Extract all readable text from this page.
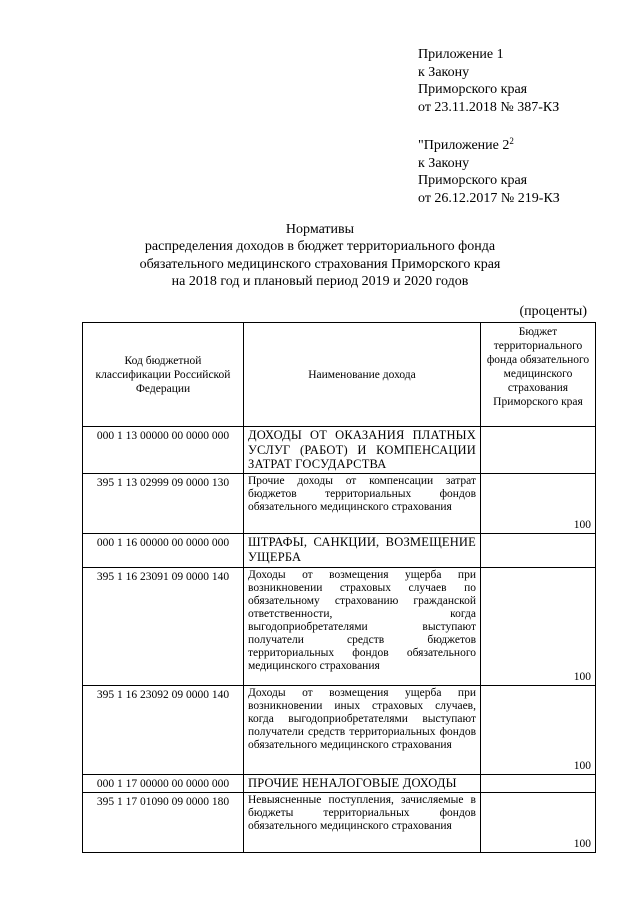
Приложение 1
к Закону
Приморского края
от 23.11.2018 № 387-КЗ
"Приложение $2^2$
к Закону
Приморского края
от 26.12.2017 № 219-КЗ
Нормативы
распределения доходов в бюджет территориального фонда
обязательного медицинского страхования Приморского края
на 2018 год и плановый период 2019 и 2020 годов
(проценты)
Код бюджетной классификации Российской Федерации	Наименование дохода	Бюджет территориального фонда обязательного медицинского страхования Приморского края
000 1 13 00000 00 0000 000	ДОХОДЫ ОТ ОКАЗАНИЯ ПЛАТНЫХ УСЛУГ (РАБОТ) И КОМПЕНСАЦИИ ЗАТРАТ ГОСУДАРСТВА	
395 1 13 02999 09 0000 130	Прочие доходы от компенсации затрат бюджетов территориальных фондов обязательного медицинского страхования	100
000 1 16 00000 00 0000 000	ШТРАФЫ, САНКЦИИ, ВОЗМЕЩЕНИЕ УЩЕРБА	
395 1 16 23091 09 0000 140	Доходы от возмещения ущерба при возникновении страховых случаев по обязательному страхованию гражданской ответственности, когда выгодоприобретателями выступают получатели средств бюджетов территориальных фондов обязательного медицинского страхования	100
395 1 16 23092 09 0000 140	Доходы от возмещения ущерба при возникновении иных страховых случаев, когда выгодоприобретателями выступают получатели средств территориальных фондов обязательного медицинского страхования	100
000 1 17 00000 00 0000 000	ПРОЧИЕ НЕНАЛОГОВЫЕ ДОХОДЫ	
395 1 17 01090 09 0000 180	Невыясненные поступления, зачисляемые в бюджеты территориальных фондов обязательного медицинского страхования	100
